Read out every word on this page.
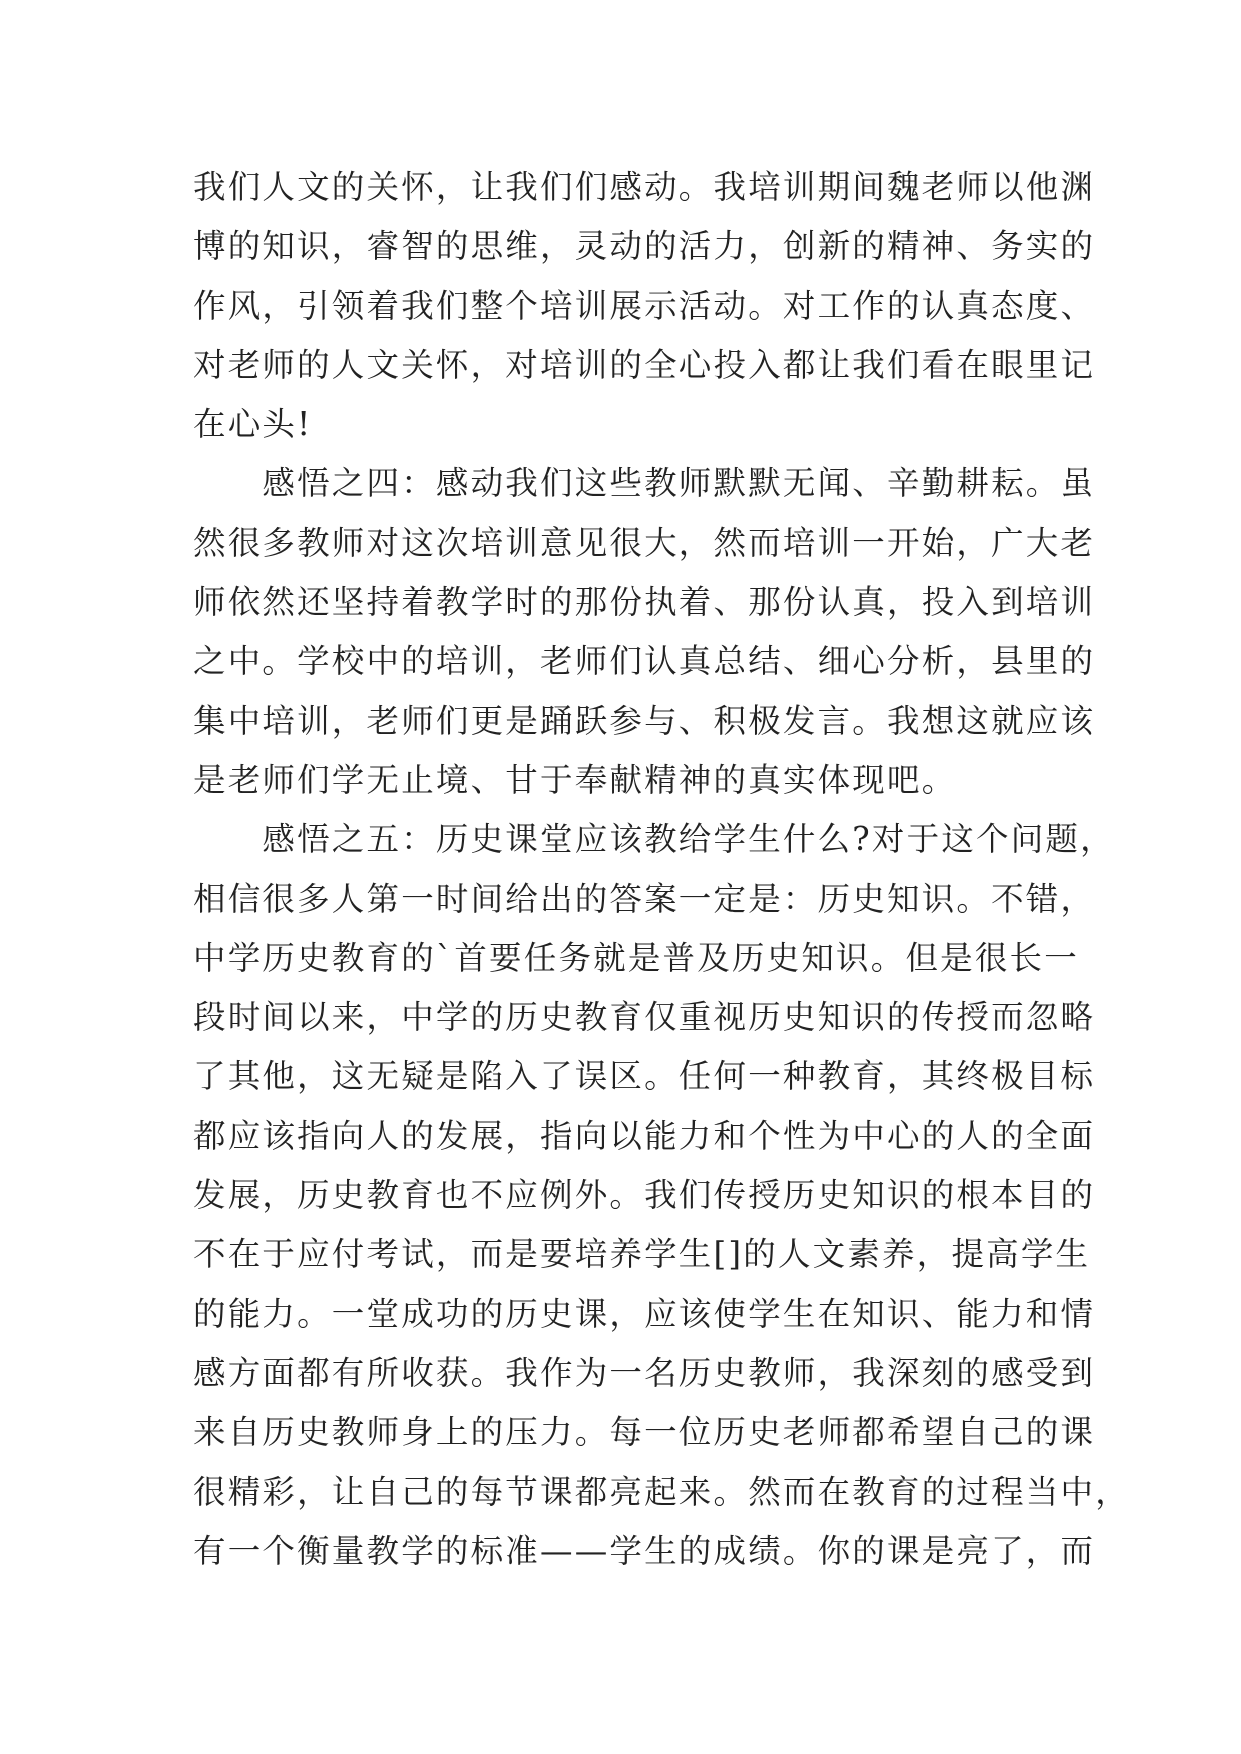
我们人文的关怀，让我们们感动。我培训期间魏老师以他渊
博的知识，睿智的思维，灵动的活力，创新的精神、务实的
作风，引领着我们整个培训展示活动。对工作的认真态度、
对老师的人文关怀，对培训的全心投入都让我们看在眼里记
在心头!
　　感悟之四：感动我们这些教师默默无闻、辛勤耕耘。虽
然很多教师对这次培训意见很大，然而培训一开始，广大老
师依然还坚持着教学时的那份执着、那份认真，投入到培训
之中。学校中的培训，老师们认真总结、细心分析，县里的
集中培训，老师们更是踊跃参与、积极发言。我想这就应该
是老师们学无止境、甘于奉献精神的真实体现吧。
　　感悟之五：历史课堂应该教给学生什么?对于这个问题，
相信很多人第一时间给出的答案一定是：历史知识。不错，
中学历史教育的`首要任务就是普及历史知识。但是很长一
段时间以来，中学的历史教育仅重视历史知识的传授而忽略
了其他，这无疑是陷入了误区。任何一种教育，其终极目标
都应该指向人的发展，指向以能力和个性为中心的人的全面
发展，历史教育也不应例外。我们传授历史知识的根本目的
不在于应付考试，而是要培养学生[]的人文素养，提高学生
的能力。一堂成功的历史课，应该使学生在知识、能力和情
感方面都有所收获。我作为一名历史教师，我深刻的感受到
来自历史教师身上的压力。每一位历史老师都希望自己的课
很精彩，让自己的每节课都亮起来。然而在教育的过程当中，
有一个衡量教学的标准——学生的成绩。你的课是亮了，而
